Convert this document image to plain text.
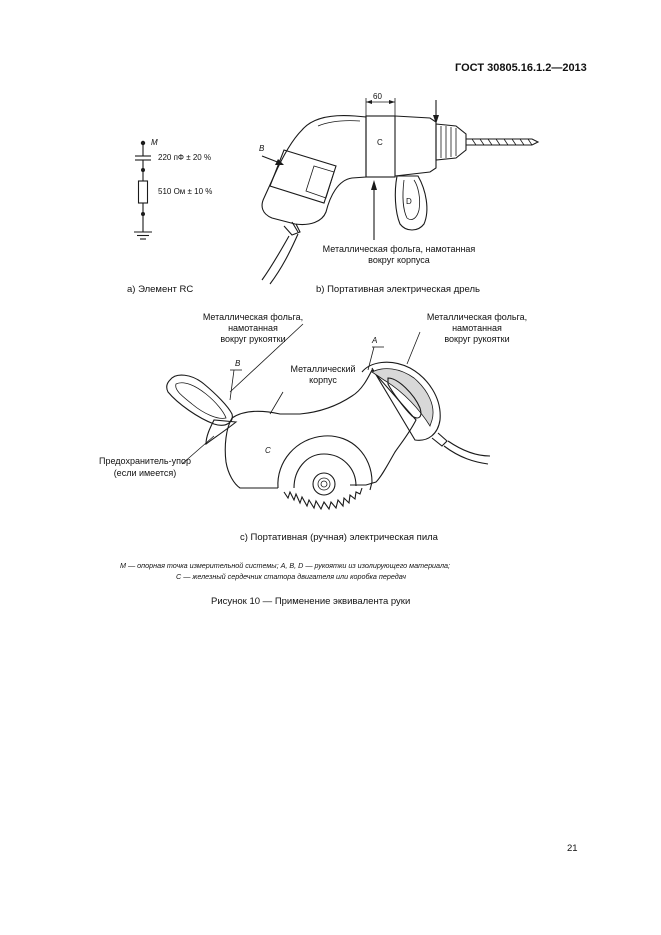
ГОСТ 30805.16.1.2—2013
M
220 пФ ± 20 %
510 Ом ± 10 %
а) Элемент RC
60
B
C
D
Металлическая фольга, намотанная
вокруг корпуса
b) Портативная электрическая дрель
Металлическая фольга,
намотанная
вокруг рукоятки
Металлическая фольга,
намотанная
вокруг рукоятки
A
B
C
Металлический
корпус
Предохранитель-упор
(если имеется)
c) Портативная (ручная) электрическая пила
M — опорная точка измерительной системы; A, B, D — рукоятки из изолирующего материала;
C — железный сердечник статора двигателя или коробка передач
Рисунок 10 — Применение эквивалента руки
21
